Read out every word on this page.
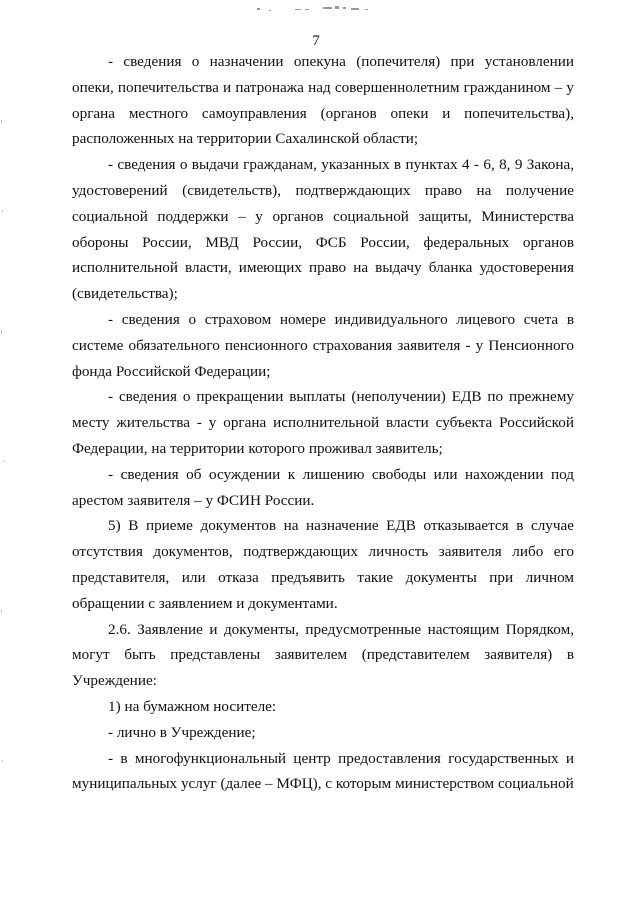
7

- сведения о назначении опекуна (попечителя) при установлении опеки, попечительства и патронажа над совершеннолетним гражданином – у органа местного самоуправления (органов опеки и попечительства), расположенных на территории Сахалинской области;

- сведения о выдачи гражданам, указанных в пунктах 4 - 6, 8, 9 Закона, удостоверений (свидетельств), подтверждающих право на получение социальной поддержки – у органов социальной защиты, Министерства обороны России, МВД России, ФСБ России, федеральных органов исполнительной власти, имеющих право на выдачу бланка удостоверения (свидетельства);

- сведения о страховом номере индивидуального лицевого счета в системе обязательного пенсионного страхования заявителя - у Пенсионного фонда Российской Федерации;

- сведения о прекращении выплаты (неполучении) ЕДВ по прежнему месту жительства - у органа исполнительной власти субъекта Российской Федерации, на территории которого проживал заявитель;

- сведения об осуждении к лишению свободы или нахождении под арестом заявителя – у ФСИН России.

5) В приеме документов на назначение ЕДВ отказывается в случае отсутствия документов, подтверждающих личность заявителя либо его представителя, или отказа предъявить такие документы при личном обращении с заявлением и документами.

2.6. Заявление и документы, предусмотренные настоящим Порядком, могут быть представлены заявителем (представителем заявителя) в Учреждение:

1) на бумажном носителе:

- лично в Учреждение;

- в многофункциональный центр предоставления государственных и муниципальных услуг (далее – МФЦ), с которым министерством социальной
